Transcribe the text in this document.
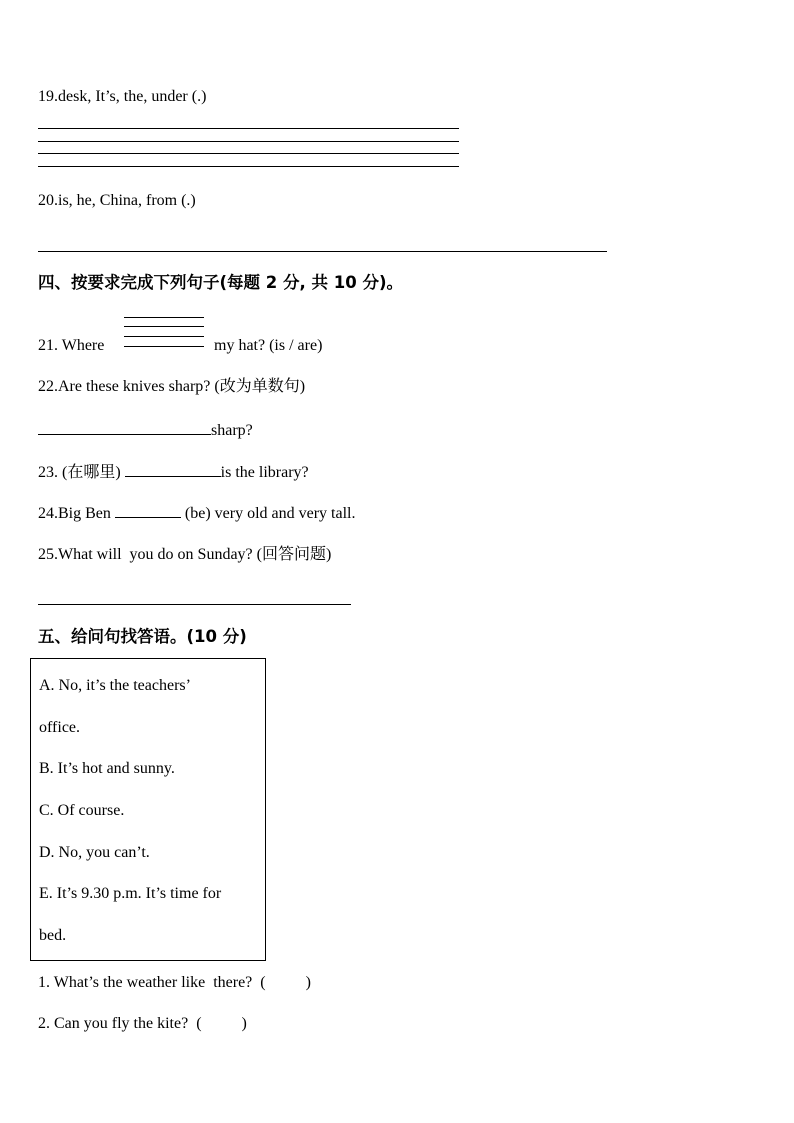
19.desk, It’s, the, under (.)
20.is, he, China, from (.)
四、按要求完成下列句子(每题 2 分, 共 10 分)。
21. Where	my hat? (is / are)
22.Are these knives sharp? (改为单数句)
sharp?
23. (在哪里)	is the library?
24.Big Ben	(be) very old and very tall.
25.What will  you do on Sunday? (回答问题)
五、给问句找答语。(10 分)
A. No, it’s the teachers’
office.
B. It’s hot and sunny.
C. Of course.
D. No, you can’t.
E. It’s 9.30 p.m. It’s time for
bed.
1. What’s the weather like  there? (          )
2. Can you fly the kite? (          )
